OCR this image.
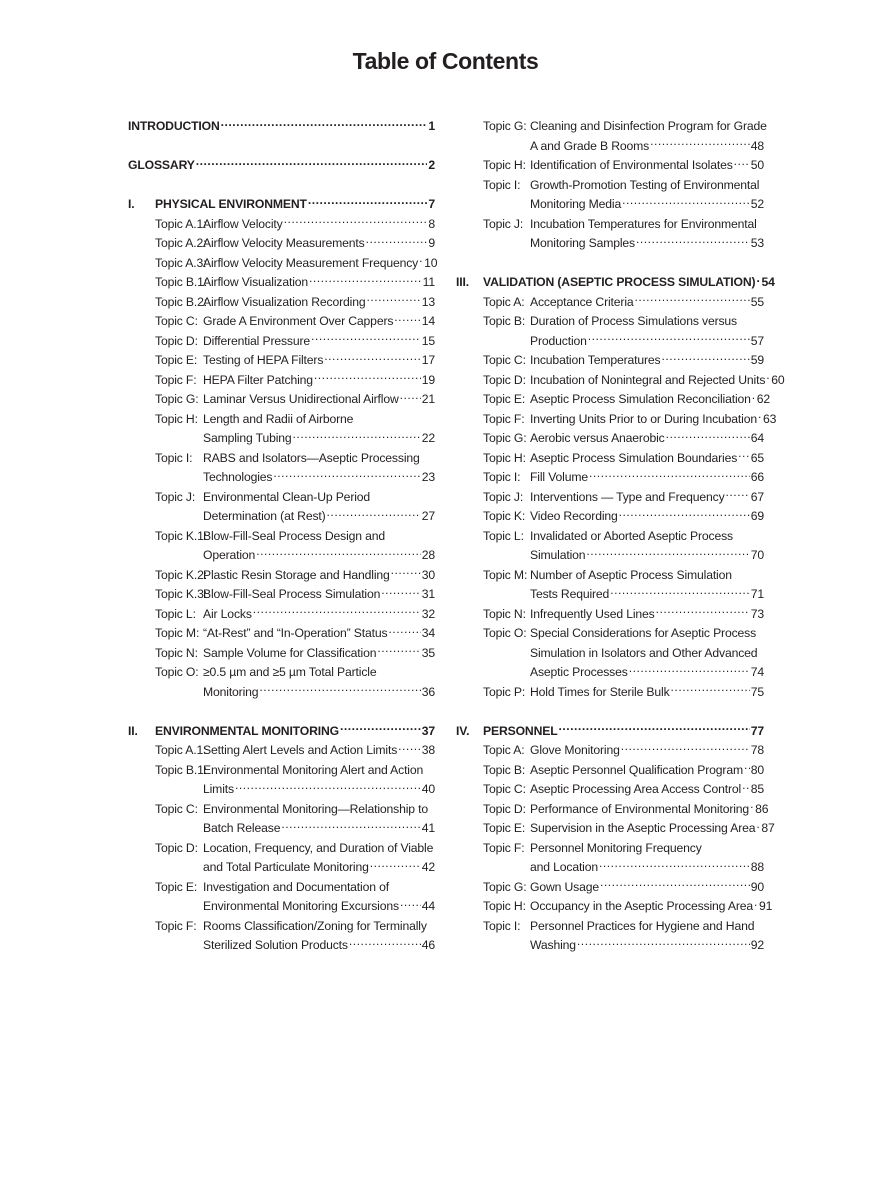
Table of Contents
INTRODUCTION .....	1
GLOSSARY .....	2
I.	PHYSICAL ENVIRONMENT .....	7
Topic A.1:
Airflow Velocity .....	8
Topic A.2:
Airflow Velocity Measurements .....	9
Topic A.3:
Airflow Velocity Measurement Frequency ..... 10
Topic B.1:
Airflow Visualization .....	11
Topic B.2:
Airflow Visualization Recording .....	13
Topic C: Grade A Environment Over Cappers ..... 14
Topic D: Differential Pressure .....	15
Topic E: Testing of HEPA Filters .....	17
Topic F: HEPA Filter Patching .....	19
Topic G: Laminar Versus Unidirectional Airflow ..... 21
Topic H: Length and Radii of Airborne
Sampling Tubing .....	22
Topic I: RABS and Isolators—Aseptic Processing
Technologies .....	23
Topic J: Environmental Clean-Up Period
Determination (at Rest) .....	27
Topic K.1:
Blow-Fill-Seal Process Design and
Operation .....	28
Topic K.2:
Plastic Resin Storage and Handling .....	30
Topic K.3:
Blow-Fill-Seal Process Simulation .....	31
Topic L: Air Locks .....	32
Topic M: “At-Rest” and “In-Operation” Status .....	34
Topic N: Sample Volume for Classification .....	35
Topic O: ≥0.5 µm and ≥5 µm Total Particle
Monitoring .....	36
II.	ENVIRONMENTAL MONITORING .....	37
Topic A.1:
Setting Alert Levels and Action Limits ..... 38
Topic B.1:
Environmental Monitoring Alert and Action
Limits .....	40
Topic C: Environmental Monitoring—Relationship to
Batch Release .....	41
Topic D: Location, Frequency, and Duration of Viable
and Total Particulate Monitoring .....	42
Topic E: Investigation and Documentation of
Environmental Monitoring Excursions ..... 44
Topic F: Rooms Classification/Zoning for Terminally
Sterilized Solution Products .....	46
Topic G: Cleaning and Disinfection Program for Grade
A and Grade B Rooms .....	48
Topic H: Identification of Environmental Isolates ..... 50
Topic I: Growth-Promotion Testing of Environmental
Monitoring Media .....	52
Topic J: Incubation Temperatures for Environmental
Monitoring Samples .....	53
III.	VALIDATION (ASEPTIC PROCESS SIMULATION) ..... 54
Topic A: Acceptance Criteria .....	55
Topic B: Duration of Process Simulations versus
Production .....	57
Topic C: Incubation Temperatures .....	59
Topic D: Incubation of Nonintegral and Rejected Units ..... 60
Topic E: Aseptic Process Simulation Reconciliation ..... 62
Topic F: Inverting Units Prior to or During Incubation ..... 63
Topic G: Aerobic versus Anaerobic .....	64
Topic H: Aseptic Process Simulation Boundaries ..... 65
Topic I: Fill Volume .....	66
Topic J: Interventions — Type and Frequency ..... 67
Topic K: Video Recording .....	69
Topic L: Invalidated or Aborted Aseptic Process
Simulation .....	70
Topic M: Number of Aseptic Process Simulation
Tests Required .....	71
Topic N: Infrequently Used Lines .....	73
Topic O: Special Considerations for Aseptic Process
Simulation in Isolators and Other Advanced
Aseptic Processes .....	74
Topic P: Hold Times for Sterile Bulk .....	75
IV.	PERSONNEL .....	77
Topic A: Glove Monitoring .....	78
Topic B: Aseptic Personnel Qualification Program ..... 80
Topic C: Aseptic Processing Area Access Control ..... 85
Topic D: Performance of Environmental Monitoring ..... 86
Topic E: Supervision in the Aseptic Processing Area ..... 87
Topic F: Personnel Monitoring Frequency
and Location .....	88
Topic G: Gown Usage .....	90
Topic H: Occupancy in the Aseptic Processing Area ..... 91
Topic I: Personnel Practices for Hygiene and Hand
Washing .....	92
